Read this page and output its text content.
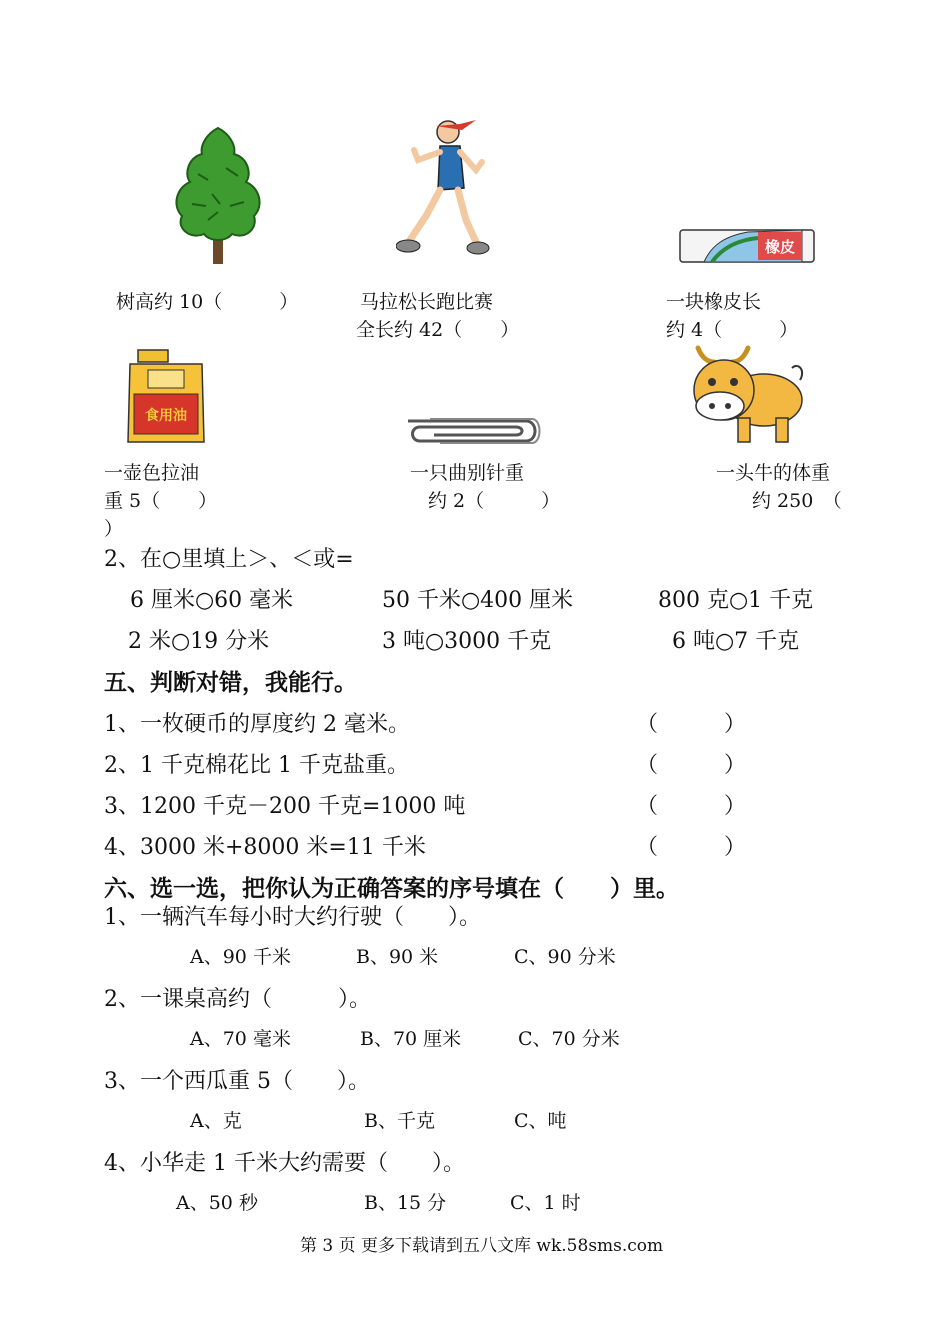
橡皮
树高约 10（　　　）	马拉松长跑比赛
全长约 42（　　）
一块橡皮长
约 4（　　　）
食用油
一壶色拉油
重 5（　　）
）
一只曲别针重
约 2（　　　）
一头牛的体重
约 250　（
2、在○里填上＞、＜或=
6 厘米○60 毫米	50 千米○400 厘米	800 克○1 千克
2 米○19 分米	3 吨○3000 千克	6 吨○7 千克
五、判断对错，我能行。
1、一枚硬币的厚度约 2 毫米。	（　　　）
2、1 千克棉花比 1 千克盐重。	（　　　）
3、1200 千克－200 千克=1000 吨	（　　　）
4、3000 米+8000 米=11 千米	（　　　）
六、选一选，把你认为正确答案的序号填在（　　）里。
1、一辆汽车每小时大约行驶（　　）。
A、90 千米	B、90 米	C、90 分米
2、一课桌高约（　　　）。
A、70 毫米	B、70 厘米	C、70 分米
3、一个西瓜重 5（　　）。
A、克	B、千克	C、吨
4、小华走 1 千米大约需要（　　）。
A、50 秒	B、15 分	C、1 时
第 3 页 更多下载请到五八文库 wk.58sms.com
